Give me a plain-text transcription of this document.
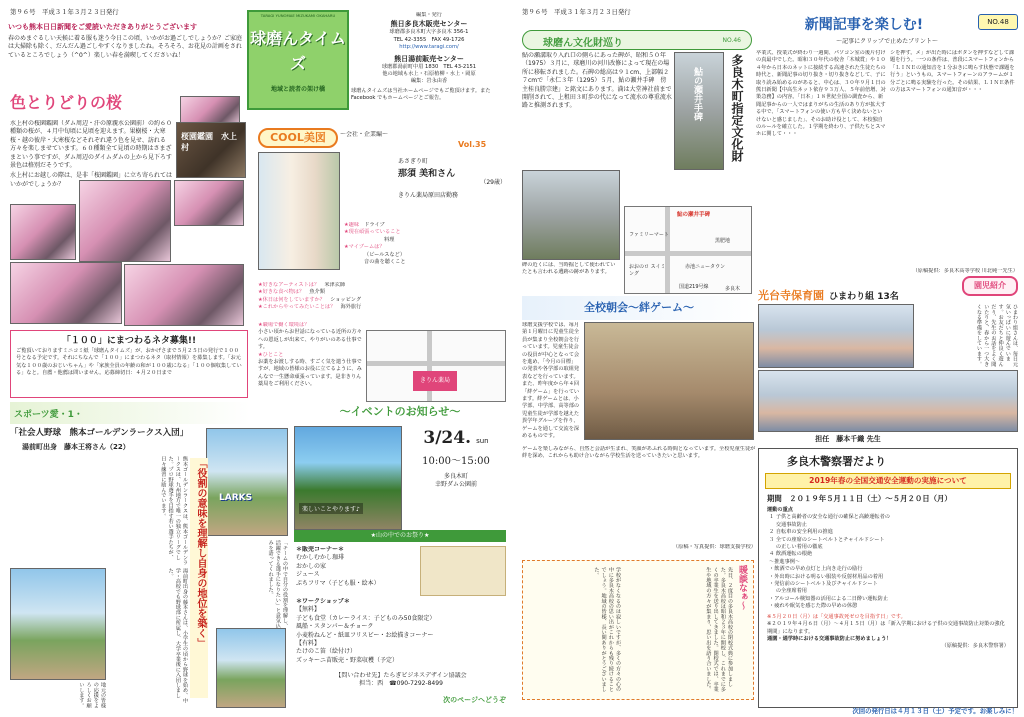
第９６号　平成３１年３月２３日発行
いつも熊本日日新聞をご愛読いただきありがとうございます
春のめまぐるしい天候に着る服も迷う今日この頃、いかがお過ごしでしょうか？ご家庭は大掃除も除く、だんだん過ごしやすくなりましたね。そろそろ、お花見の計画をされているところでしょう（^0^）楽しい春を満喫してくださいね！
TARAGI YUNOMAE MIZUKAMI OKAHARU
球磨んタイムズ
地域と読者の架け橋
編集・発行
熊日多良木販売センター
球磨郡多良木町大字多良木 356-1
TEL 42-3355　FAX 49-1726
http://www.taragi.com/
熊日湯前販売センター
球磨郡湯前町中眉 1830　TEL 43-2151
他の地域も水上・石原植柳・水上・岡原
編集：岩永由香
球磨んタイムズは当社ホームページでもご覧頂けます。また Facebook でもホームページとご報告。
色とりどりの桜
水上村の桜園鑑園（ダム周辺・汗の原親水公園前）の約６０種類の桜が、４月中旬頃に見頃を迎えます。果樹桜・大寒桜・越の彼岸・大寒桜などそれぞれ違う色を見せ、訪れる方々を楽しませています。６０種類全て見頃の時期はさまざまという事ですが、ダム周辺のダイムダムの上から見下ろす景色は格別だそうです。
水上村にお越しの際は、是非「桜園鑑園」に立ち寄られてはいかがでしょうか？
桜園鑑園　水上村
COOL美図	〜会社・企業編〜
Vol.35
あさぎり町
那須 美和さん
（29歳）
きりん薬局原田店勤務
★趣味　 ドライブ
★現在頑張っていること
料理
★マイブームは？
（ビールスなど）
音の曲を聴くこと
★好きなアーティストは？　 米津玄師
★好きな食べ物は？　 魚介類
★休日は何をしていますか？　 ショッピング
★これからやってみたいことは？　 海外旅行
★職場で働く環境は？
小さい頃からお世話になっている近所の方々への恩返しが出来て、やりがいのある仕事です。
★ひとこと
お薬をお渡しする時、すごく気を遣う仕事ですが、地域の皆様のお役に立てるように、みんなで一生懸命頑張っています。是非きりん薬局をご利用ください。
きりん薬局
「１００」にまつわるネタ募集!!
ご覧頂いておりますミニコミ紙「球磨んタイムズ」が、おかげさまで５月２５日の発行で１００号となる予定です。それにちなんで「１００」にまつわるネタ（取材情報）を募集します。「お元気な１００歳のおじいちゃん」や「家族全員の年齢の和が１００歳になる」「１００個収集している」なと。自薦・他薦は問いません。応募締切日：４月２０日まで
スポーツ愛・1・
「社会人野球　熊本ゴールデンラークス入団」
湯前町出身　藤本王将さん（22）
LARKS
「役割の意味を理解し自身の地位を築く」
熊本ゴールデンラークスは、熊本ゴールデンラークスは、九州地方で唯一の独立リーグでした。プロ野球選手を目指す若い選手たちが、日々練習に励んでいます。
湯前町出身の藤本さんは、小学生の頃から野球を始め、中学・高校でも野球部に所属し、大学卒業後に入団しました。	「チームの中で自分の役割を理解し、活躍できる選手になりたい」と意気込みを語ってくれました。
地元の皆様の応援をよろしくお願いします。
〜イベントのお知らせ〜
楽しいことやります♪
3/24. sun
10:00〜15:00
多良木町
幸野ダム公園前
★山の中でのお祭り★
＊販売コーナー＊
むかしむかし珈琲
おかしの家
ジュース
ぷちフリマ（子ども服・絵本）
＊ワークショップ＊
【無料】
子ども食堂（カレーライス：子どものみ50食限定）
風船・スタンパー＆チョーク
小麦粉ねんど・紙皿フリスビー・お絵描きコーナー
【有料】
たけのこ笛（絵付け）
ズッキーニ苗販売・野菜収穫（予定）
【問い合わせ先】たらぎビジネスデザイン協議会
担当：西　☎090-7292-8499
次のページへどうぞ
第９６号　平成３１年３月２３日発行
球磨ん文化財巡り	NO.46
鮎の瀬溝取り入れ口の側らにあった碑が、昭和５０年（1975）３月に、球磨川の河川改修によって現在の場所に移転されました。石碑の総高は９１cm、上部幅２７cmで「永仁３年（1295）５月、鮎の瀬井手碑　傍主桂良勝宗建」と銘文にあります。満は大堂神社前まで開削されて、上租田３町歩の代になって流水の尊重流水路と推測されます。	多良木町指定文化財
鮎の瀬井手碑
碑の近くには、当時掘として使われていたとも言われる遺跡の跡があります。
鮎の瀬井手碑
ファミリーマート
おおのロ スイミング
赤池ニュータウン
国道219号線
黒肥地
多良木
新聞記事を楽しむ!	NO.48
〜記事にクリップで止めたプリント〜
卒業式、授業式が終わり一週間、パソコン室の後片付けの真最中でした。昭和３０年代の校舎「木城賞」や１０４年から日本のネットに接続する高速された生徒たちの時代と、新聞記事の切り抜き・切り抜きなどして、子に取り読み始めるのがあると、中心は、３０年９月１日の熊日新聞【中高生ネット依存９３万人、５年前倍増、対策急務】の内容。「日本」１８世紀全国の調査から、新聞記事からの一人ではまりがちの生活のあり方が拡大する中で、「スマートフォンの使い方も早く決めないといけないと感じました」、そのお助け役として、本校独自のルールを確立した。１学期を終わり、子供たちとスマホに関して・・・
シを押す。メ」が出た時にはボタンを押すなどして課題を行う。一つの条件は、普段にスマートフォンから「ＬＩＮＥの通知音を１分おきに鳴らす状態で課題を行う」というもの。スマートフォーンのアラームが１分ごとに鳴る実験を行った。その結果、ＬＩＮＥ条件の方はスマートフォンの通知音が・・・
（原稿提供：多良木高等学校 川北純一先生）
全校朝会〜絆ゲーム〜
球磨支援学校では、毎月第１月曜日に児童生徒全員が集まり全校朝会を行っています。児童生徒会の役員が中心となって会を進め、「今月の目標」の発表や各学部の取組発表などを行っています。また、昨年度から年４回「絆ゲーム」を行っています。絆ゲームとは、小学部、中学部、高等部の児童生徒が学部を越えた異学年グループを作り、ゲームを通して交流を深めるものです。
ゲームを楽しみながら、自然と会話が生まれ、笑顔があふれる時間となっています。全校児童生徒が絆を深め、これからも助け合いながら学校生活を送っていきたいと思います。
（原稿・写真提供：球磨支援学校）
光台寺保育園 ひまわり組 13名
園児紹介
ひまわり組さんは、毎日元気いっぱいに遊んでいます。お友だちと仲良く遊んだり、先生のお話をよく聞いたりと、春から一つ大きくなる準備をしています。
担任　藤本千織 先生
多良木警察署だより
2019年春の全国交通安全運動の実施について
期間　 ２０１９年５月１１日（土）〜５月２０日（月）
運動の重点
１ 子供と高齢者の安全な通行の確保と高齢運転者の
　 交通事故防止
２ 自転車の安全利用の推進
３ 全ての座席のシートベルトとチャイルドシート
　 の正しい着用の徹底
４ 飲酒運転の根絶
〜推進事例〜
・飲酒での早め点灯と上向き走行の励行
・外出時における明るい服装や反射材用品の着用
・発信前のシートベルト及びチャイルドシート
　 の全座席着用
・アルコール検知器の活用による二日酔い運転防止
・疲れや眠気を感じた際の早めの休憩
※５月２０日（月）は「交通事故死ゼロを目指す日」です。
※２０１９年４月６日（月）〜４月１５日（月）は「新入学期における子供の交通事故防止対策の強化期間」になります。
通園・通学時における交通事故防止に努めましょう！
（原稿提供：多良木警察署）
暖談なぁ〜
先日、２度目の多良木高校の閉校式典に参加しました。多良木高校は昭和２３年に開校し、これまでに多くの卒業生を送り出してきました。閉校式では、卒業生や地域の方々が集まり、思い出を語り合いました。
学校がなくなるのは寂しいですが、多くの方々の心の中に多良木高校の思い出がこれからも残り続けることでしょう。地域の皆様、長い間ありがとうございました。
次回の発行日は４月１３日（土）予定です。お楽しみに！
